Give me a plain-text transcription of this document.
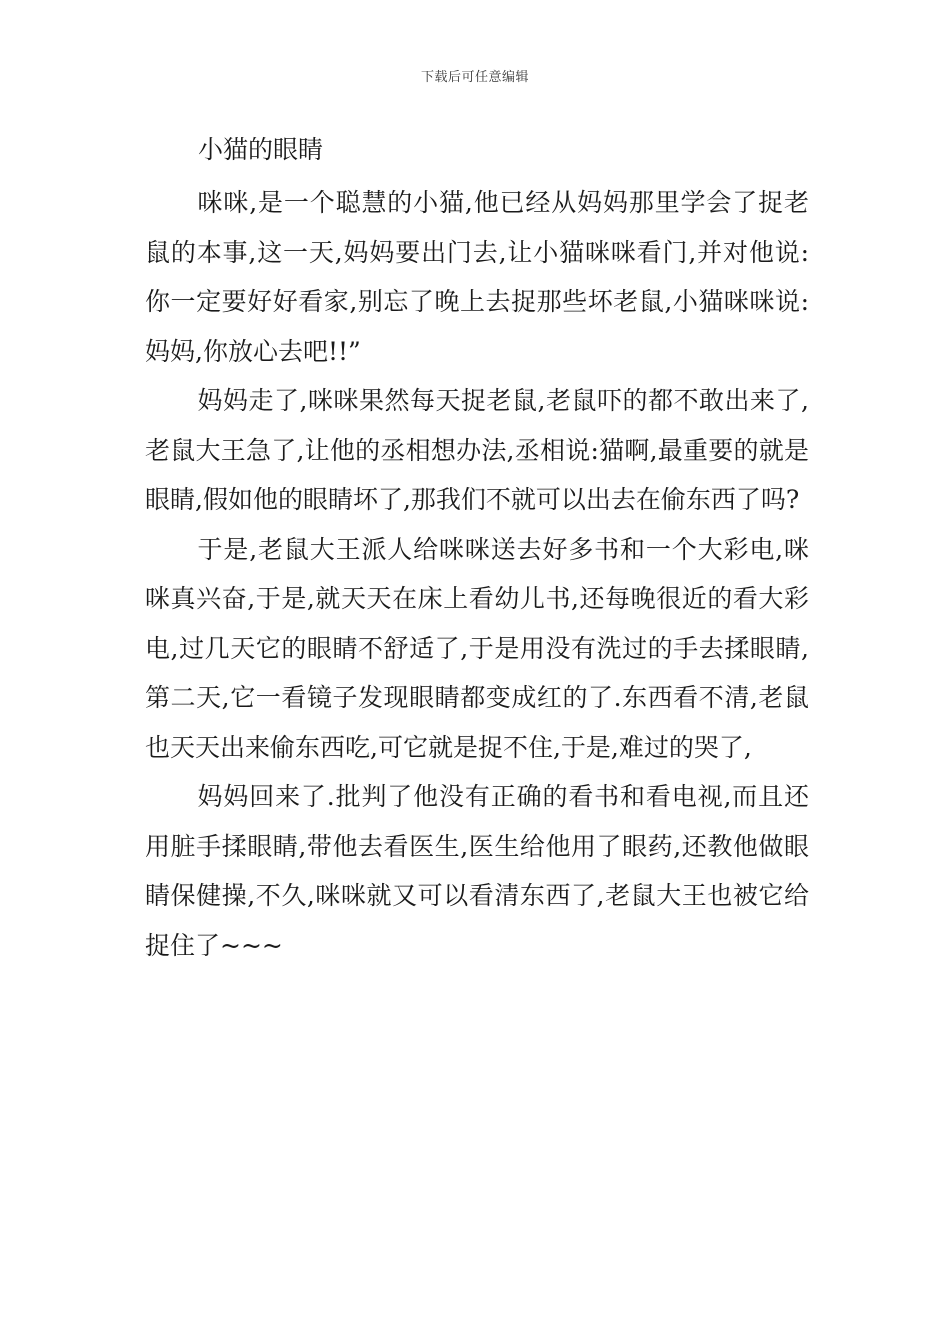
下载后可任意编辑
小猫的眼睛

咪咪,是一个聪慧的小猫,他已经从妈妈那里学会了捉老鼠的本事,这一天,妈妈要出门去,让小猫咪咪看门,并对他说:你一定要好好看家,别忘了晚上去捉那些坏老鼠,小猫咪咪说:妈妈,你放心去吧!!”

妈妈走了,咪咪果然每天捉老鼠,老鼠吓的都不敢出来了,老鼠大王急了,让他的丞相想办法,丞相说:猫啊,最重要的就是眼睛,假如他的眼睛坏了,那我们不就可以出去在偷东西了吗?

于是,老鼠大王派人给咪咪送去好多书和一个大彩电,咪咪真兴奋,于是,就天天在床上看幼儿书,还每晚很近的看大彩电,过几天它的眼睛不舒适了,于是用没有洗过的手去揉眼睛,第二天,它一看镜子发现眼睛都变成红的了.东西看不清,老鼠也天天出来偷东西吃,可它就是捉不住,于是,难过的哭了,

妈妈回来了.批判了他没有正确的看书和看电视,而且还用脏手揉眼睛,带他去看医生,医生给他用了眼药,还教他做眼睛保健操,不久,咪咪就又可以看清东西了,老鼠大王也被它给捉住了~~~
